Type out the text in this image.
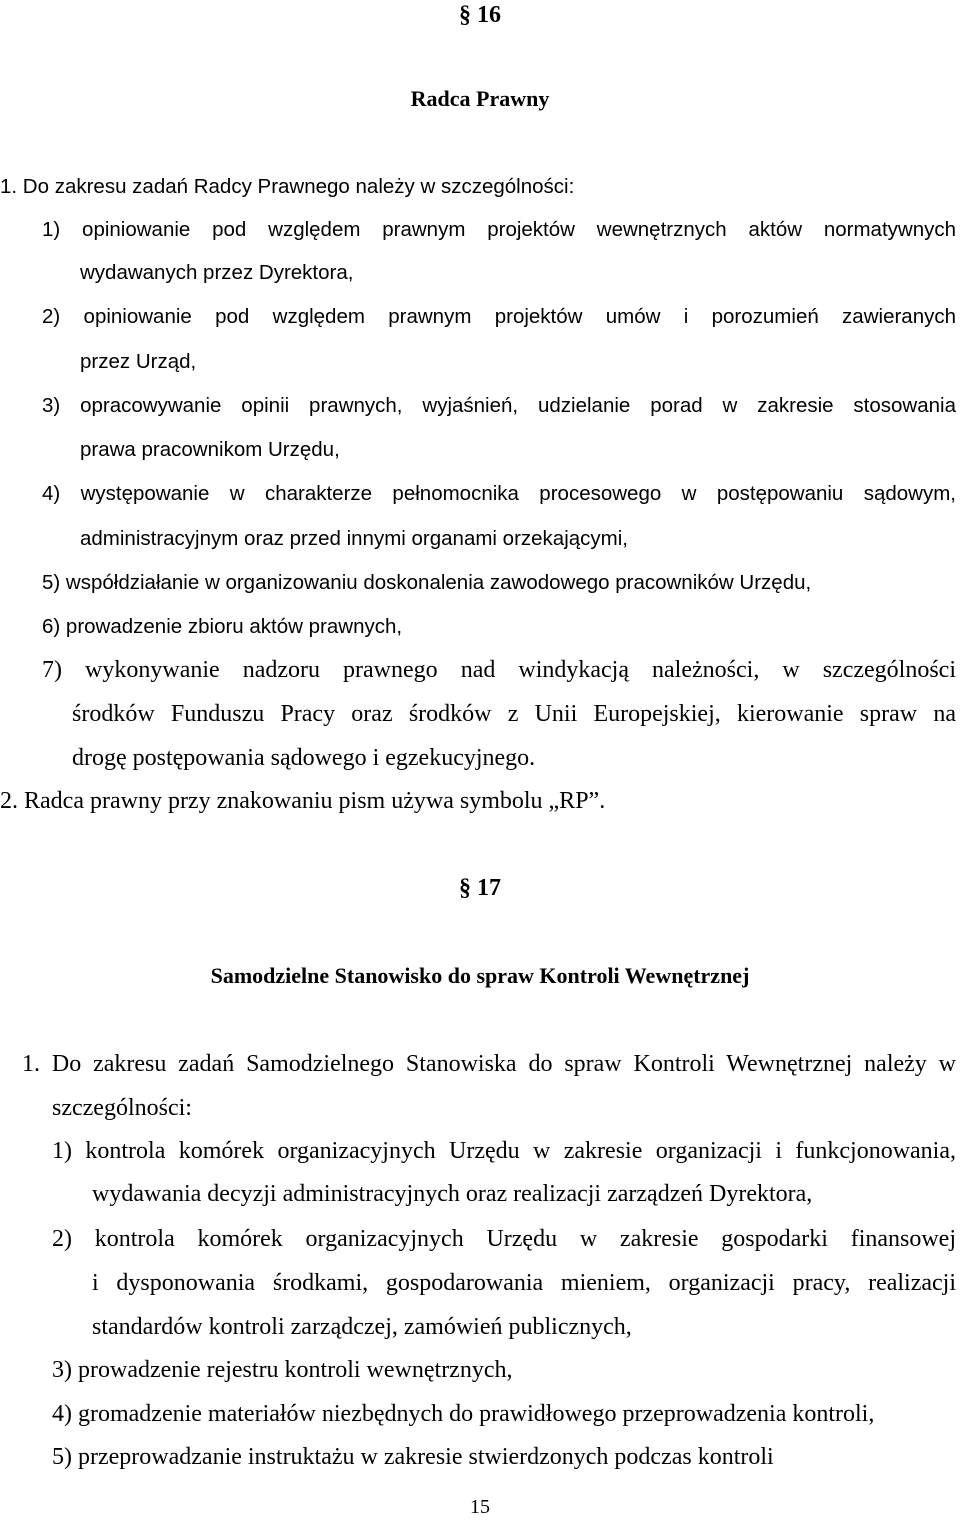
§ 16
Radca Prawny
1. Do zakresu zadań Radcy Prawnego należy w szczególności:
1) opiniowanie pod względem prawnym projektów wewnętrznych aktów normatywnych
wydawanych przez Dyrektora,
2) opiniowanie pod względem prawnym projektów umów i porozumień zawieranych
przez Urząd,
3) opracowywanie opinii prawnych, wyjaśnień, udzielanie porad w zakresie stosowania
prawa pracownikom Urzędu,
4) występowanie w charakterze pełnomocnika procesowego w postępowaniu sądowym,
administracyjnym oraz przed innymi organami orzekającymi,
5) współdziałanie w organizowaniu doskonalenia zawodowego pracowników Urzędu,
6) prowadzenie zbioru aktów prawnych,
7) wykonywanie nadzoru prawnego nad windykacją należności, w szczególności
środków Funduszu Pracy oraz środków z Unii Europejskiej, kierowanie spraw na
drogę postępowania sądowego i egzekucyjnego.
2. Radca prawny przy znakowaniu pism używa symbolu „RP”.
§ 17
Samodzielne Stanowisko do spraw Kontroli Wewnętrznej
1. Do zakresu zadań Samodzielnego Stanowiska do spraw Kontroli Wewnętrznej należy w
szczególności:
1) kontrola komórek organizacyjnych Urzędu w zakresie organizacji i funkcjonowania,
wydawania decyzji administracyjnych oraz realizacji zarządzeń Dyrektora,
2) kontrola komórek organizacyjnych Urzędu w zakresie gospodarki finansowej
i dysponowania środkami, gospodarowania mieniem, organizacji pracy, realizacji
standardów kontroli zarządczej, zamówień publicznych,
3) prowadzenie rejestru kontroli wewnętrznych,
4) gromadzenie materiałów niezbędnych do prawidłowego przeprowadzenia kontroli,
5) przeprowadzanie instruktażu w zakresie stwierdzonych podczas kontroli
15
